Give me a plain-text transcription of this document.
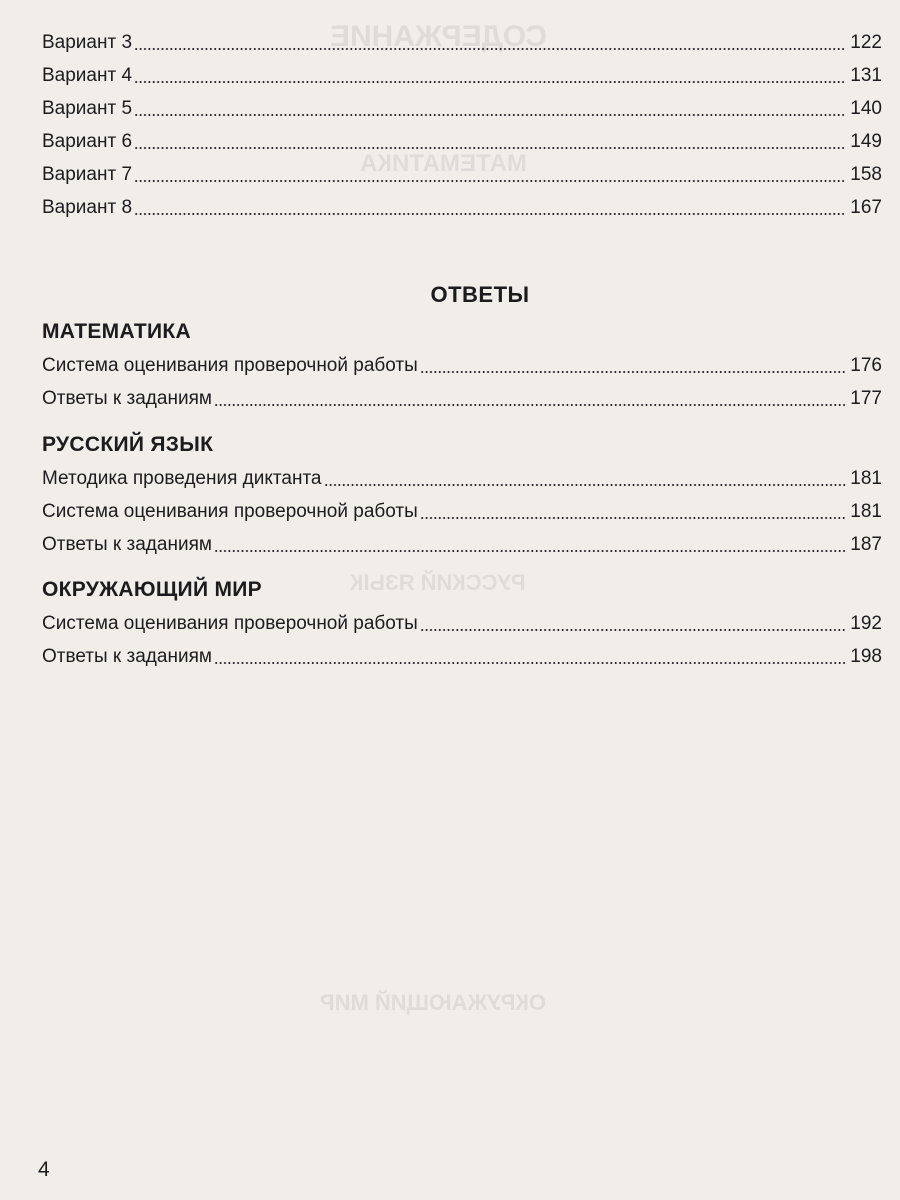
СОДЕРЖАНИЕ
МАТЕМАТИКА
РУССКИЙ ЯЗЫК
ОКРУЖАЮЩИЙ МИР
Вариант 3	122
Вариант 4	131
Вариант 5	140
Вариант 6	149
Вариант 7	158
Вариант 8	167
ОТВЕТЫ
МАТЕМАТИКА
Система оценивания проверочной работы	176
Ответы к заданиям	177
РУССКИЙ ЯЗЫК
Методика проведения диктанта	181
Система оценивания проверочной работы	181
Ответы к заданиям	187
ОКРУЖАЮЩИЙ МИР
Система оценивания проверочной работы	192
Ответы к заданиям	198
4
